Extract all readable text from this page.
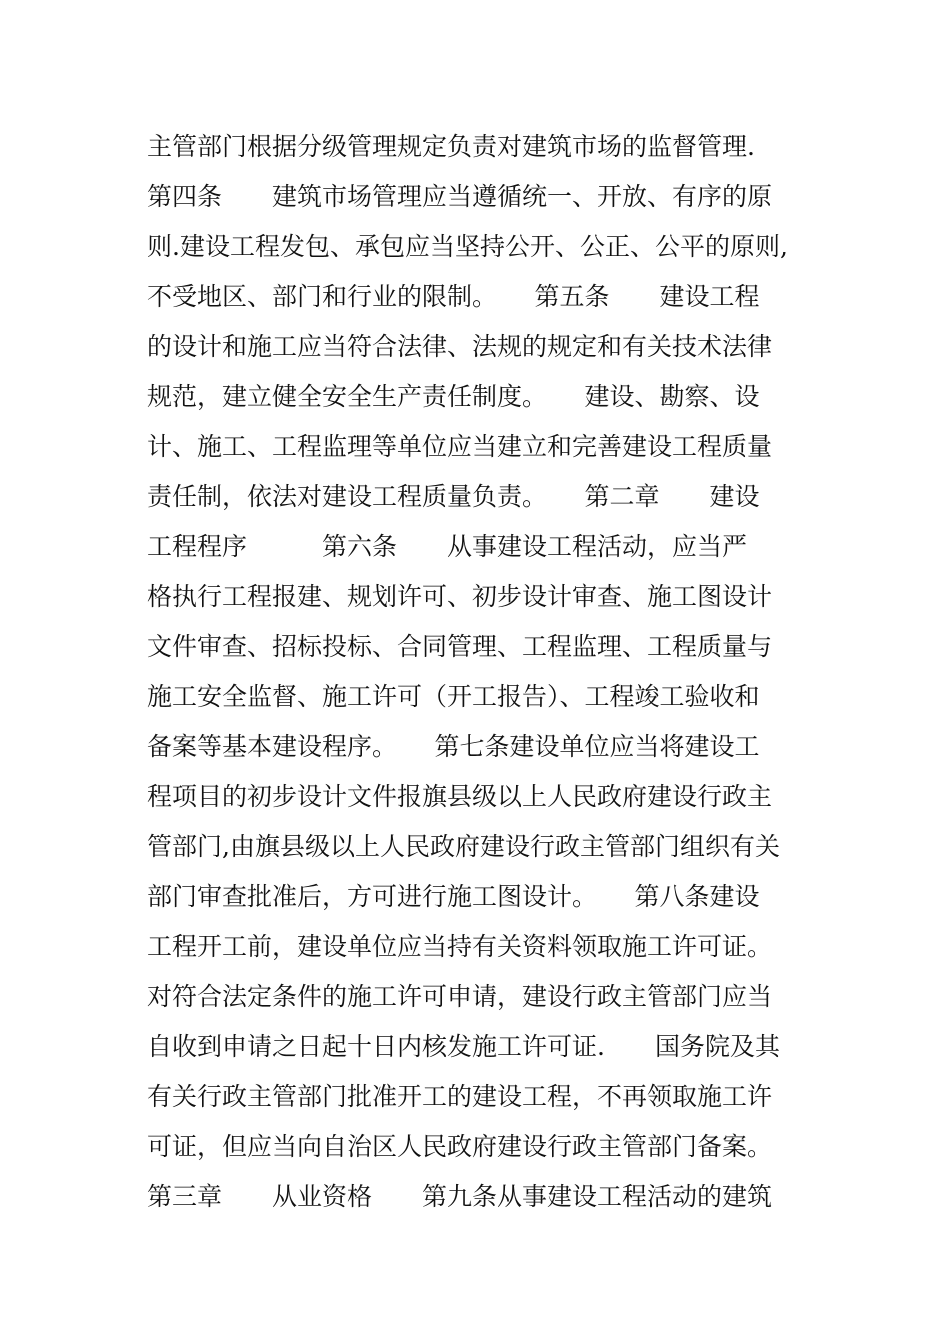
主管部门根据分级管理规定负责对建筑市场的监督管理.
第四条　　建筑市场管理应当遵循统一、开放、有序的原
则.建设工程发包、承包应当坚持公开、公正、公平的原则,
不受地区、部门和行业的限制。　　第五条　　建设工程
的设计和施工应当符合法律、法规的规定和有关技术法律
规范，建立健全安全生产责任制度。　　建设、勘察、设
计、施工、工程监理等单位应当建立和完善建设工程质量
责任制，依法对建设工程质量负责。　　第二章　　建设
工程程序　　　第六条　　从事建设工程活动，应当严
格执行工程报建、规划许可、初步设计审查、施工图设计
文件审查、招标投标、合同管理、工程监理、工程质量与
施工安全监督、施工许可（开工报告）、工程竣工验收和
备案等基本建设程序。　　第七条建设单位应当将建设工
程项目的初步设计文件报旗县级以上人民政府建设行政主
管部门,由旗县级以上人民政府建设行政主管部门组织有关
部门审查批准后，方可进行施工图设计。　　第八条建设
工程开工前，建设单位应当持有关资料领取施工许可证。
对符合法定条件的施工许可申请，建设行政主管部门应当
自收到申请之日起十日内核发施工许可证.　　国务院及其
有关行政主管部门批准开工的建设工程，不再领取施工许
可证，但应当向自治区人民政府建设行政主管部门备案。
第三章　　从业资格　　第九条从事建设工程活动的建筑
